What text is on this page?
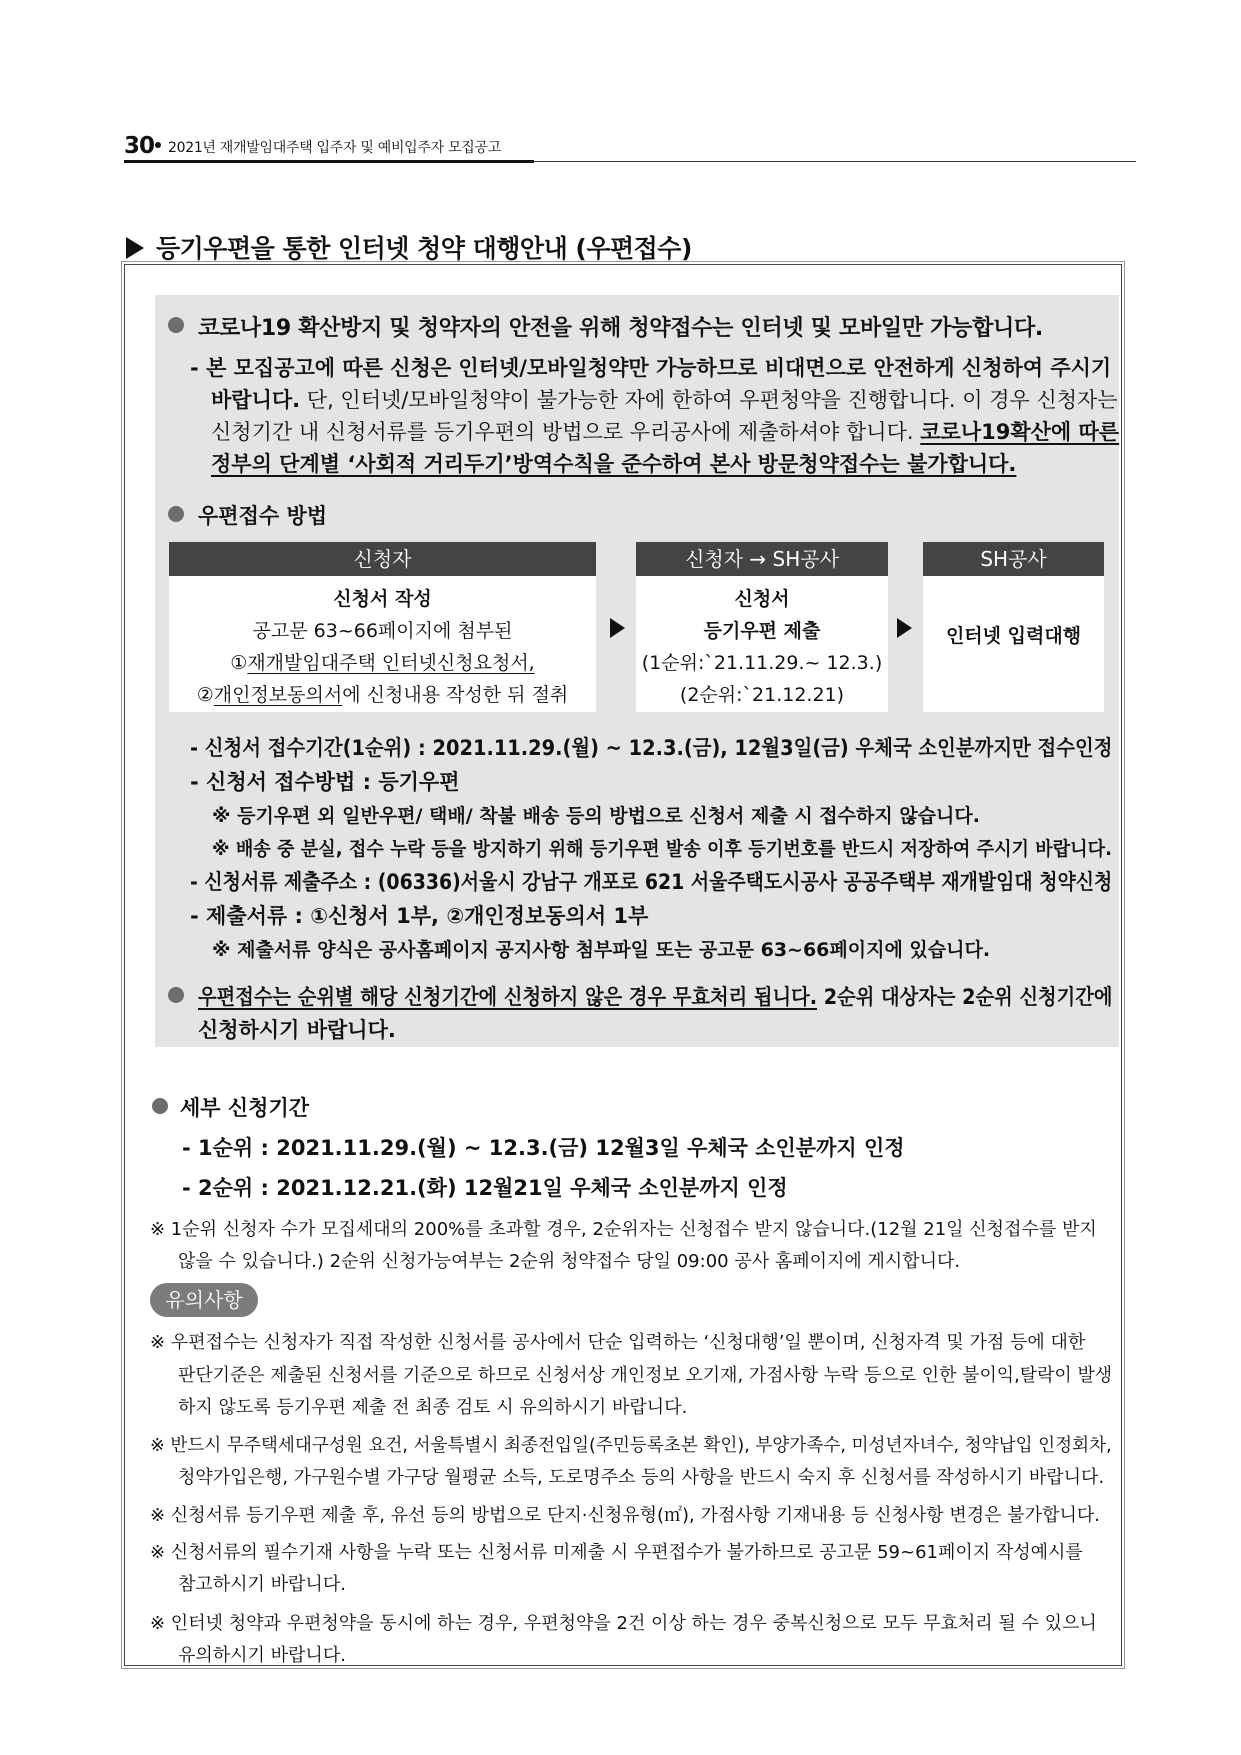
30 2021년 재개발임대주택 입주자 및 예비입주자 모집공고
등기우편을 통한 인터넷 청약 대행안내 (우편접수)
코로나19 확산방지 및 청약자의 안전을 위해 청약접수는 인터넷 및 모바일만 가능합니다.
- 본 모집공고에 따른 신청은 인터넷/모바일청약만 가능하므로 비대면으로 안전하게 신청하여 주시기
바랍니다. 단, 인터넷/모바일청약이 불가능한 자에 한하여 우편청약을 진행합니다. 이 경우 신청자는
신청기간 내 신청서류를 등기우편의 방법으로 우리공사에 제출하셔야 합니다. 코로나19확산에 따른
정부의 단계별 ‘사회적 거리두기’방역수칙을 준수하여 본사 방문청약접수는 불가합니다.
우편접수 방법
신청자
신청서 작성
공고문 63~66페이지에 첨부된
①재개발임대주택 인터넷신청요청서,
②개인정보동의서에 신청내용 작성한 뒤 절취
신청자 → SH공사
신청서
등기우편 제출
(1순위:`21.11.29.~ 12.3.)
(2순위:`21.12.21)
SH공사
인터넷 입력대행
- 신청서 접수기간(1순위) : 2021.11.29.(월) ~ 12.3.(금), 12월3일(금) 우체국 소인분까지만 접수인정
- 신청서 접수방법 : 등기우편
※ 등기우편 외 일반우편/ 택배/ 착불 배송 등의 방법으로 신청서 제출 시 접수하지 않습니다.
※ 배송 중 분실, 접수 누락 등을 방지하기 위해 등기우편 발송 이후 등기번호를 반드시 저장하여 주시기 바랍니다.
- 신청서류 제출주소 : (06336)서울시 강남구 개포로 621 서울주택도시공사 공공주택부 재개발임대 청약신청
- 제출서류 : ①신청서 1부, ②개인정보동의서 1부
※ 제출서류 양식은 공사홈페이지 공지사항 첨부파일 또는 공고문 63~66페이지에 있습니다.
우편접수는 순위별 해당 신청기간에 신청하지 않은 경우 무효처리 됩니다. 2순위 대상자는 2순위 신청기간에
신청하시기 바랍니다.
세부 신청기간
- 1순위 : 2021.11.29.(월) ~ 12.3.(금) 12월3일 우체국 소인분까지 인정
- 2순위 : 2021.12.21.(화) 12월21일 우체국 소인분까지 인정
※ 1순위 신청자 수가 모집세대의 200%를 초과할 경우, 2순위자는 신청접수 받지 않습니다.(12월 21일 신청접수를 받지
않을 수 있습니다.) 2순위 신청가능여부는 2순위 청약접수 당일 09:00 공사 홈페이지에 게시합니다.
유의사항
※ 우편접수는 신청자가 직접 작성한 신청서를 공사에서 단순 입력하는 ‘신청대행’일 뿐이며, 신청자격 및 가점 등에 대한
판단기준은 제출된 신청서를 기준으로 하므로 신청서상 개인정보 오기재, 가점사항 누락 등으로 인한 불이익,탈락이 발생
하지 않도록 등기우편 제출 전 최종 검토 시 유의하시기 바랍니다.
※ 반드시 무주택세대구성원 요건, 서울특별시 최종전입일(주민등록초본 확인), 부양가족수, 미성년자녀수, 청약납입 인정회차,
청약가입은행, 가구원수별 가구당 월평균 소득, 도로명주소 등의 사항을 반드시 숙지 후 신청서를 작성하시기 바랍니다.
※ 신청서류 등기우편 제출 후, 유선 등의 방법으로 단지·신청유형(㎡), 가점사항 기재내용 등 신청사항 변경은 불가합니다.
※ 신청서류의 필수기재 사항을 누락 또는 신청서류 미제출 시 우편접수가 불가하므로 공고문 59~61페이지 작성예시를
참고하시기 바랍니다.
※ 인터넷 청약과 우편청약을 동시에 하는 경우, 우편청약을 2건 이상 하는 경우 중복신청으로 모두 무효처리 될 수 있으니
유의하시기 바랍니다.
